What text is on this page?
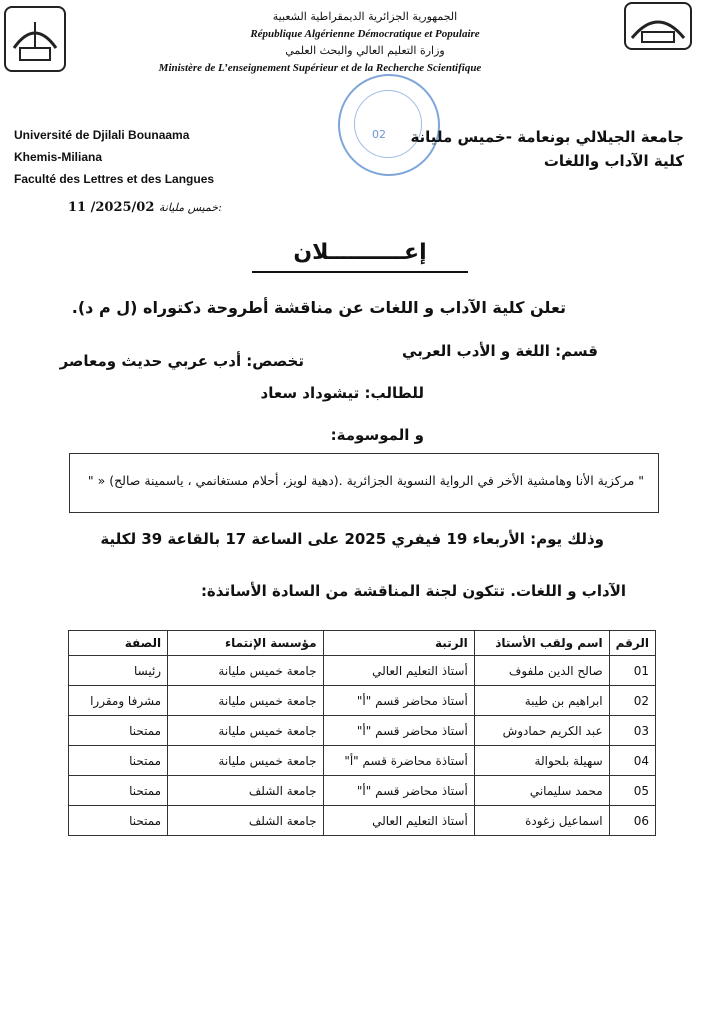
الجمهورية الجزائرية الديمقراطية الشعبية
République Algérienne Démocratique et Populaire
وزارة التعليم العالي والبحث العلمي
Ministère de L’enseignement Supérieur et de la Recherche Scientifique
02
Université de Djilali Bounaama
Khemis-Miliana
Faculté des Lettres et des Langues
11 /2025/02 خميس مليانة:
جامعة الجيلالي بونعامة -خميس مليانة
كلية الآداب واللغات
إعــــــــــلان
تعلن كلية الآداب و اللغات عن مناقشة أطروحة دكتوراه (ل م د).
قسم: اللغة و الأدب العربي
تخصص: أدب عربي حديث ومعاصر
للطالب: تيشوداد سعاد
و الموسومة:
" مركزية الأنا وهامشية الأخر في الرواية النسوية الجزائرية .(دهية لويز، أحلام مستغانمي ، ياسمينة صالح) « "
وذلك يوم: الأربعاء 19 فيفري 2025 على الساعة 17 بالقاعة 39 لكلية
الآداب و اللغات. تتكون لجنة المناقشة من السادة الأساتذة:
الرقم	اسم ولقب الأستاذ	الرتبة	مؤسسة الإنتماء	الصفة
01	صالح الدين ملفوف	أستاذ التعليم العالي	جامعة خميس مليانة	رئيسا
02	ابراهيم بن طيبة	أستاذ محاضر قسم "أ"	جامعة خميس مليانة	مشرفا ومقررا
03	عبد الكريم حمادوش	أستاذ محاضر قسم "أ"	جامعة خميس مليانة	ممتحنا
04	سهيلة بلحوالة	أستاذة محاضرة قسم "أ"	جامعة خميس مليانة	ممتحنا
05	محمد سليماني	أستاذ محاضر قسم "أ"	جامعة الشلف	ممتحنا
06	اسماعيل زغودة	أستاذ التعليم العالي	جامعة الشلف	ممتحنا
